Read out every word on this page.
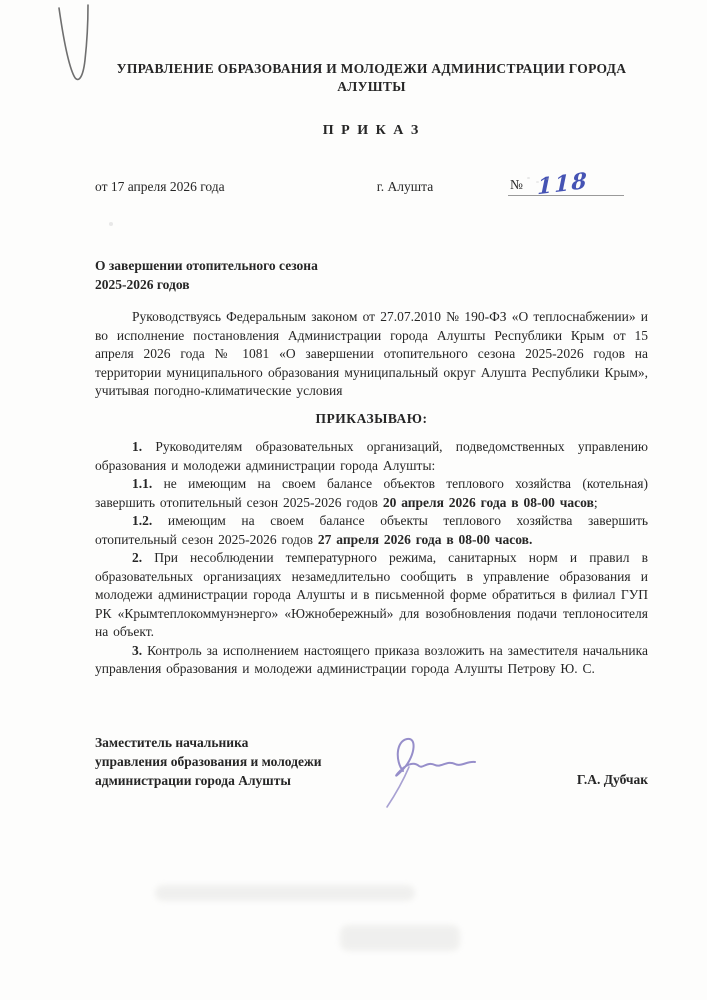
УПРАВЛЕНИЕ ОБРАЗОВАНИЯ И МОЛОДЕЖИ АДМИНИСТРАЦИИ ГОРОДА
АЛУШТЫ
П Р И К А З
от 17 апреля 2026 года	г. Алушта	№ 118
О завершении отопительного сезона
2025-2026 годов

Руководствуясь Федеральным законом от 27.07.2010 № 190-ФЗ «О теплоснабжении» и во исполнение постановления Администрации города Алушты Республики Крым от 15 апреля 2026 года № 1081 «О завершении отопительного сезона 2025-2026 годов на территории муниципального образования муниципальный округ Алушта Республики Крым», учитывая погодно-климатические условия

ПРИКАЗЫВАЮ:

1. Руководителям образовательных организаций, подведомственных управлению образования и молодежи администрации города Алушты:

1.1. не имеющим на своем балансе объектов теплового хозяйства (котельная) завершить отопительный сезон 2025-2026 годов 20 апреля 2026 года в 08-00 часов;

1.2. имеющим на своем балансе объекты теплового хозяйства завершить отопительный сезон 2025-2026 годов 27 апреля 2026 года в 08-00 часов.

2. При несоблюдении температурного режима, санитарных норм и правил в образовательных организациях незамедлительно сообщить в управление образования и молодежи администрации города Алушты и в письменной форме обратиться в филиал ГУП РК «Крымтеплокоммунэнерго» «Южнобережный» для возобновления подачи теплоносителя на объект.

3. Контроль за исполнением настоящего приказа возложить на заместителя начальника управления образования и молодежи администрации города Алушты Петрову Ю. С.

Заместитель начальника
управления образования и молодежи
администрации города Алушты	Г.А. Дубчак
